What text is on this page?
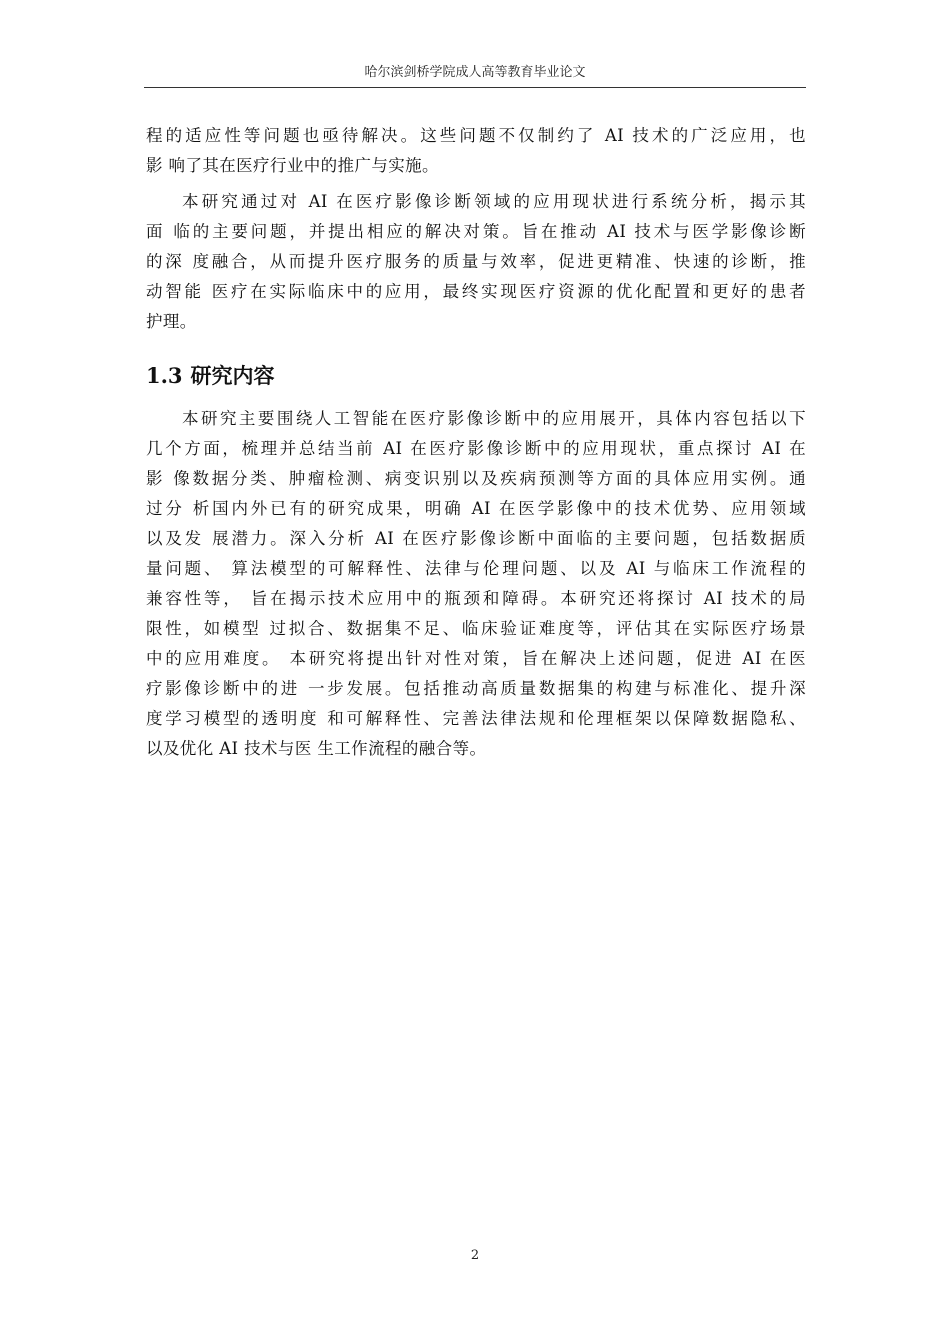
哈尔滨剑桥学院成人高等教育毕业论文

程的适应性等问题也亟待解决。这些问题不仅制约了 AI 技术的广泛应用，也

影 响了其在医疗行业中的推广与实施。

本研究通过对 AI 在医疗影像诊断领域的应用现状进行系统分析，揭示其

面 临的主要问题，并提出相应的解决对策。旨在推动 AI 技术与医学影像诊断

的深 度融合，从而提升医疗服务的质量与效率，促进更精准、快速的诊断，推

动智能 医疗在实际临床中的应用，最终实现医疗资源的优化配置和更好的患者

护理。

1.3 研究内容

本研究主要围绕人工智能在医疗影像诊断中的应用展开，具体内容包括以下

几个方面，梳理并总结当前 AI 在医疗影像诊断中的应用现状，重点探讨 AI 在

影 像数据分类、肿瘤检测、病变识别以及疾病预测等方面的具体应用实例。通

过分 析国内外已有的研究成果，明确 AI 在医学影像中的技术优势、应用领域

以及发 展潜力。深入分析 AI 在医疗影像诊断中面临的主要问题，包括数据质

量问题、 算法模型的可解释性、法律与伦理问题、以及 AI 与临床工作流程的

兼容性等， 旨在揭示技术应用中的瓶颈和障碍。本研究还将探讨 AI 技术的局

限性，如模型 过拟合、数据集不足、临床验证难度等，评估其在实际医疗场景

中的应用难度。 本研究将提出针对性对策，旨在解决上述问题，促进 AI 在医

疗影像诊断中的进 一步发展。包括推动高质量数据集的构建与标准化、提升深

度学习模型的透明度 和可解释性、完善法律法规和伦理框架以保障数据隐私、

以及优化 AI 技术与医 生工作流程的融合等。

2
